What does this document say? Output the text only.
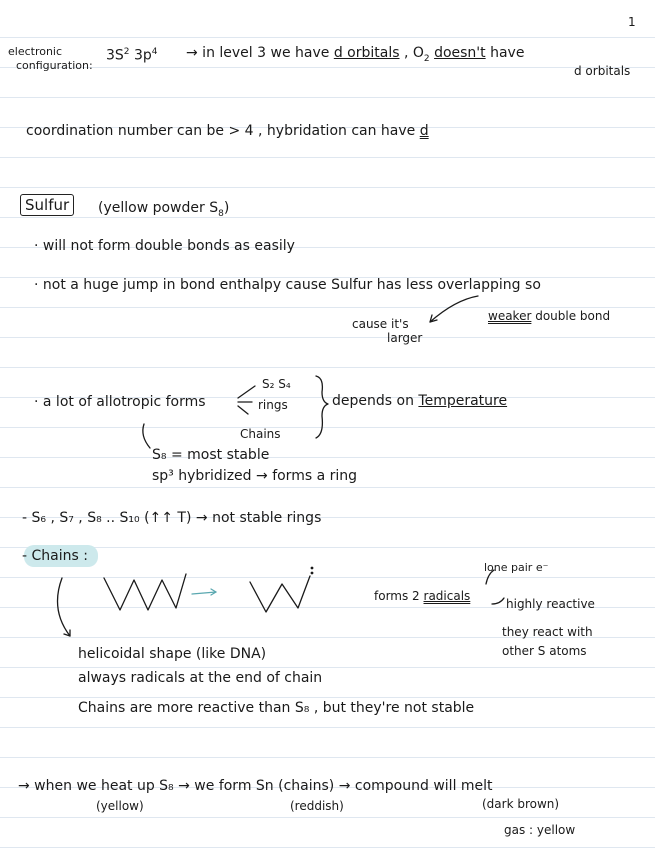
1
electronic
configuration:
$3S^2$ $3p^4$ → in level 3 we have d orbitals , $O_2$ doesn't have
d orbitals
coordination number can be > 4 , hybridation can have d
Sulfur	(yellow powder $S_8$)
· will not form double bonds as easily
· not a huge jump in bond enthalpy cause Sulfur has less overlapping so
weaker double bond
cause it's
larger
· a lot of allotropic forms
S₂ S₄
rings
Chains
depends on Temperature
S₈ = most stable
sp³ hybridized → forms a ring
- S₆ , S₇ , S₈ .. S₁₀ (↑↑ T) → not stable rings
- Chains :
lone pair e⁻
forms 2 radicals
highly reactive
they react with
other S atoms
helicoidal shape (like DNA)
always radicals at the end of chain
Chains are more reactive than S₈ , but they're not stable
→ when we heat up S₈ → we form Sn (chains) → compound will melt
(yellow)	(reddish)	(dark brown)
gas : yellow
